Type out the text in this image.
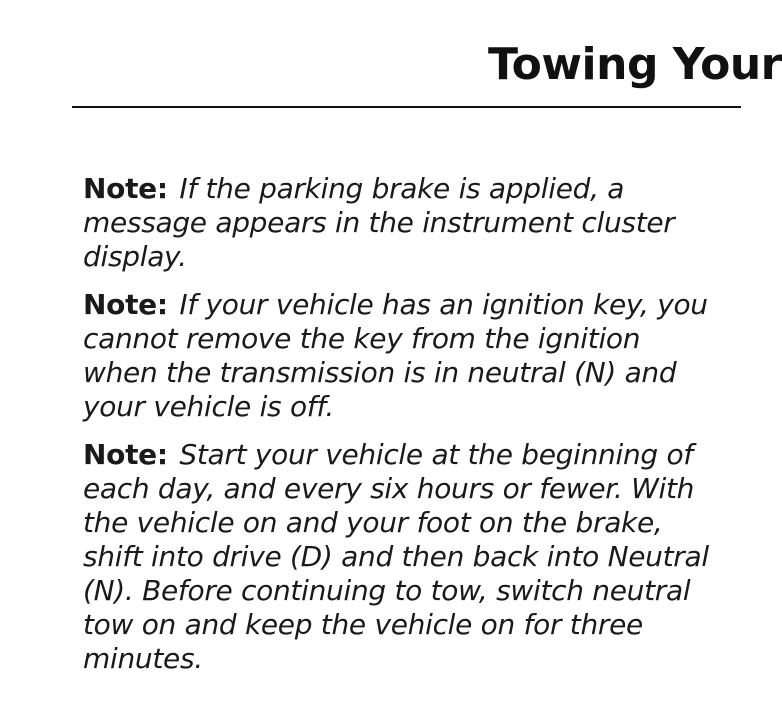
Towing Your

Note: If the parking brake is applied, a message appears in the instrument cluster display.

Note: If your vehicle has an ignition key, you cannot remove the key from the ignition when the transmission is in neutral (N) and your vehicle is off.

Note: Start your vehicle at the beginning of each day, and every six hours or fewer. With the vehicle on and your foot on the brake, shift into drive (D) and then back into Neutral (N). Before continuing to tow, switch neutral tow on and keep the vehicle on for three minutes.
